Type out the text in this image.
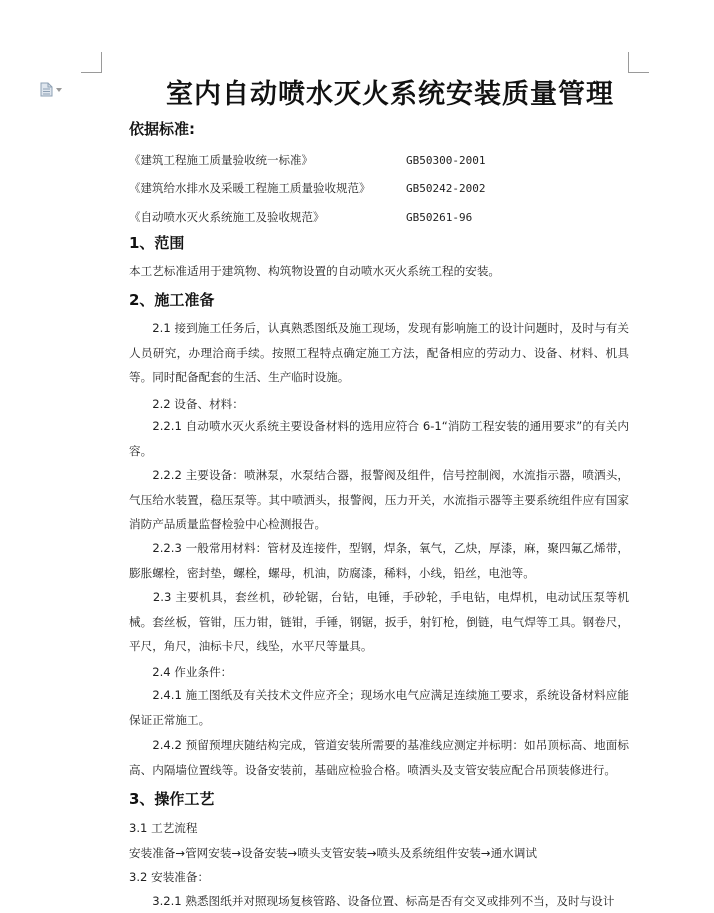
室内自动喷水灭火系统安装质量管理
依据标准:
《建筑工程施工质量验收统一标准》	GB50300-2001
《建筑给水排水及采暖工程施工质量验收规范》	GB50242-2002
《自动喷水灭火系统施工及验收规范》	GB50261-96
1、范围
本工艺标准适用于建筑物、构筑物设置的自动喷水灭火系统工程的安装。
2、施工准备
　　2.1 接到施工任务后，认真熟悉图纸及施工现场，发现有影响施工的设计问题时，及时与有关人员研究，办理洽商手续。按照工程特点确定施工方法，配备相应的劳动力、设备、材料、机具等。同时配备配套的生活、生产临时设施。
　　2.2 设备、材料：
　　2.2.1 自动喷水灭火系统主要设备材料的选用应符合 6-1“消防工程安装的通用要求”的有关内容。
　　2.2.2 主要设备：喷淋泵，水泵结合器，报警阀及组件，信号控制阀，水流指示器，喷洒头，气压给水装置，稳压泵等。其中喷洒头，报警阀，压力开关，水流指示器等主要系统组件应有国家消防产品质量监督检验中心检测报告。
　　2.2.3 一般常用材料：管材及连接件，型钢，焊条，氧气，乙炔，厚漆，麻，聚四氟乙烯带，膨胀螺栓，密封垫，螺栓，螺母，机油，防腐漆，稀料，小线，铅丝，电池等。
　　2.3 主要机具，套丝机，砂轮锯，台钻，电锤，手砂轮，手电钻，电焊机，电动试压泵等机械。套丝板，管钳，压力钳，链钳，手锤，钢锯，扳手，射钉枪，倒链，电气焊等工具。钢卷尺，平尺，角尺，油标卡尺，线坠，水平尺等量具。
　　2.4 作业条件：
　　2.4.1 施工图纸及有关技术文件应齐全；现场水电气应满足连续施工要求，系统设备材料应能保证正常施工。
　　2.4.2 预留预埋庆随结构完成，管道安装所需要的基准线应测定并标明：如吊顶标高、地面标高、内隔墙位置线等。设备安装前，基础应检验合格。喷洒头及支管安装应配合吊顶装修进行。
3、操作工艺
3.1 工艺流程
安装准备→管网安装→设备安装→喷头支管安装→喷头及系统组件安装→通水调试
3.2 安装准备：
　　3.2.1 熟悉图纸并对照现场复核管路、设备位置、标高是否有交叉或排列不当，及时与设计
